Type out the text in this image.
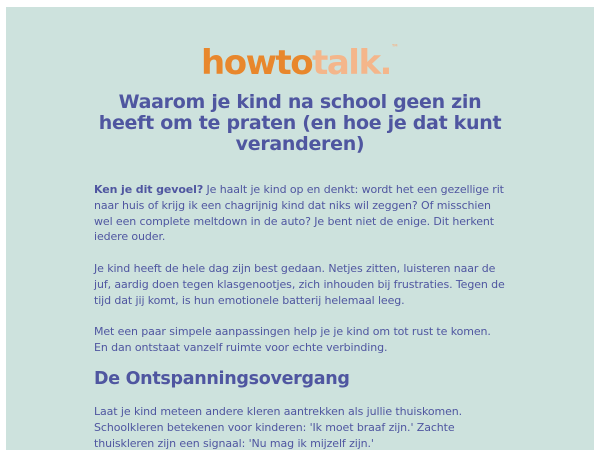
howtotalk.™
Waarom je kind na school geen zin heeft om te praten (en hoe je dat kunt veranderen)

Ken je dit gevoel? Je haalt je kind op en denkt: wordt het een gezellige rit naar huis of krijg ik een chagrijnig kind dat niks wil zeggen? Of misschien wel een complete meltdown in de auto? Je bent niet de enige. Dit herkent iedere ouder.

Je kind heeft de hele dag zijn best gedaan. Netjes zitten, luisteren naar de juf, aardig doen tegen klasgenootjes, zich inhouden bij frustraties. Tegen de tijd dat jij komt, is hun emotionele batterij helemaal leeg.

Met een paar simpele aanpassingen help je je kind om tot rust te komen. En dan ontstaat vanzelf ruimte voor echte verbinding.

De Ontspanningsovergang

Laat je kind meteen andere kleren aantrekken als jullie thuiskomen. Schoolkleren betekenen voor kinderen: 'Ik moet braaf zijn.' Zachte thuiskleren zijn een signaal: 'Nu mag ik mijzelf zijn.'
